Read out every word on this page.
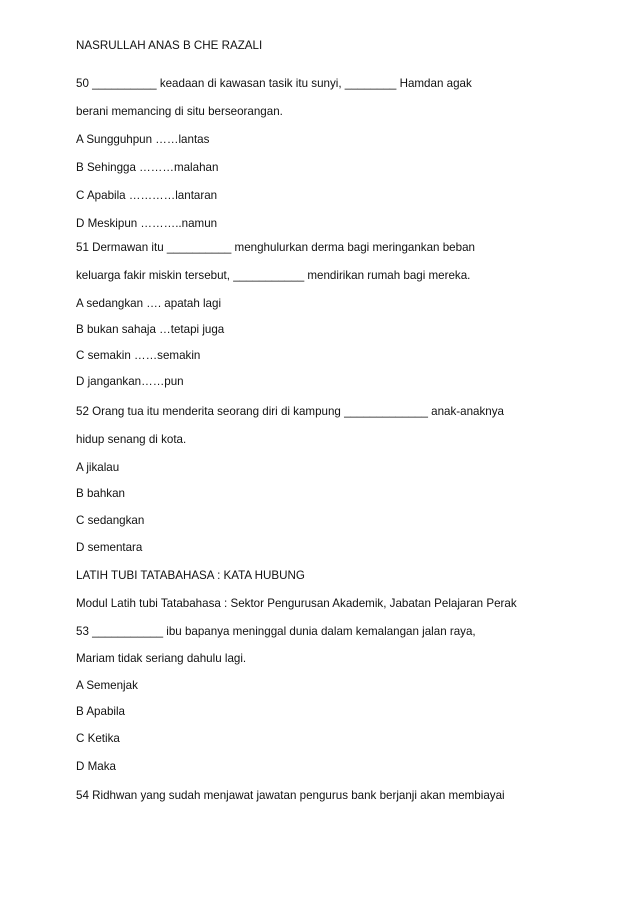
NASRULLAH ANAS B CHE RAZALI
50 __________ keadaan di kawasan tasik itu sunyi, ________ Hamdan agak
berani memancing di situ berseorangan.
A Sungguhpun ……lantas
B Sehingga ………malahan
C Apabila …………lantaran
D Meskipun ………..namun
51 Dermawan itu __________ menghulurkan derma bagi meringankan beban
keluarga fakir miskin tersebut, ___________ mendirikan rumah bagi mereka.
A sedangkan …. apatah lagi
B bukan sahaja …tetapi juga
C semakin ……semakin
D jangankan……pun
52 Orang tua itu menderita seorang diri di kampung _____________ anak-anaknya
hidup senang di kota.
A jikalau
B bahkan
C sedangkan
D sementara
LATIH TUBI TATABAHASA : KATA HUBUNG
Modul Latih tubi Tatabahasa : Sektor Pengurusan Akademik, Jabatan Pelajaran Perak
53 ___________ ibu bapanya meninggal dunia dalam kemalangan jalan raya,
Mariam tidak seriang dahulu lagi.
A Semenjak
B Apabila
C Ketika
D Maka
54 Ridhwan yang sudah menjawat jawatan pengurus bank berjanji akan membiayai
